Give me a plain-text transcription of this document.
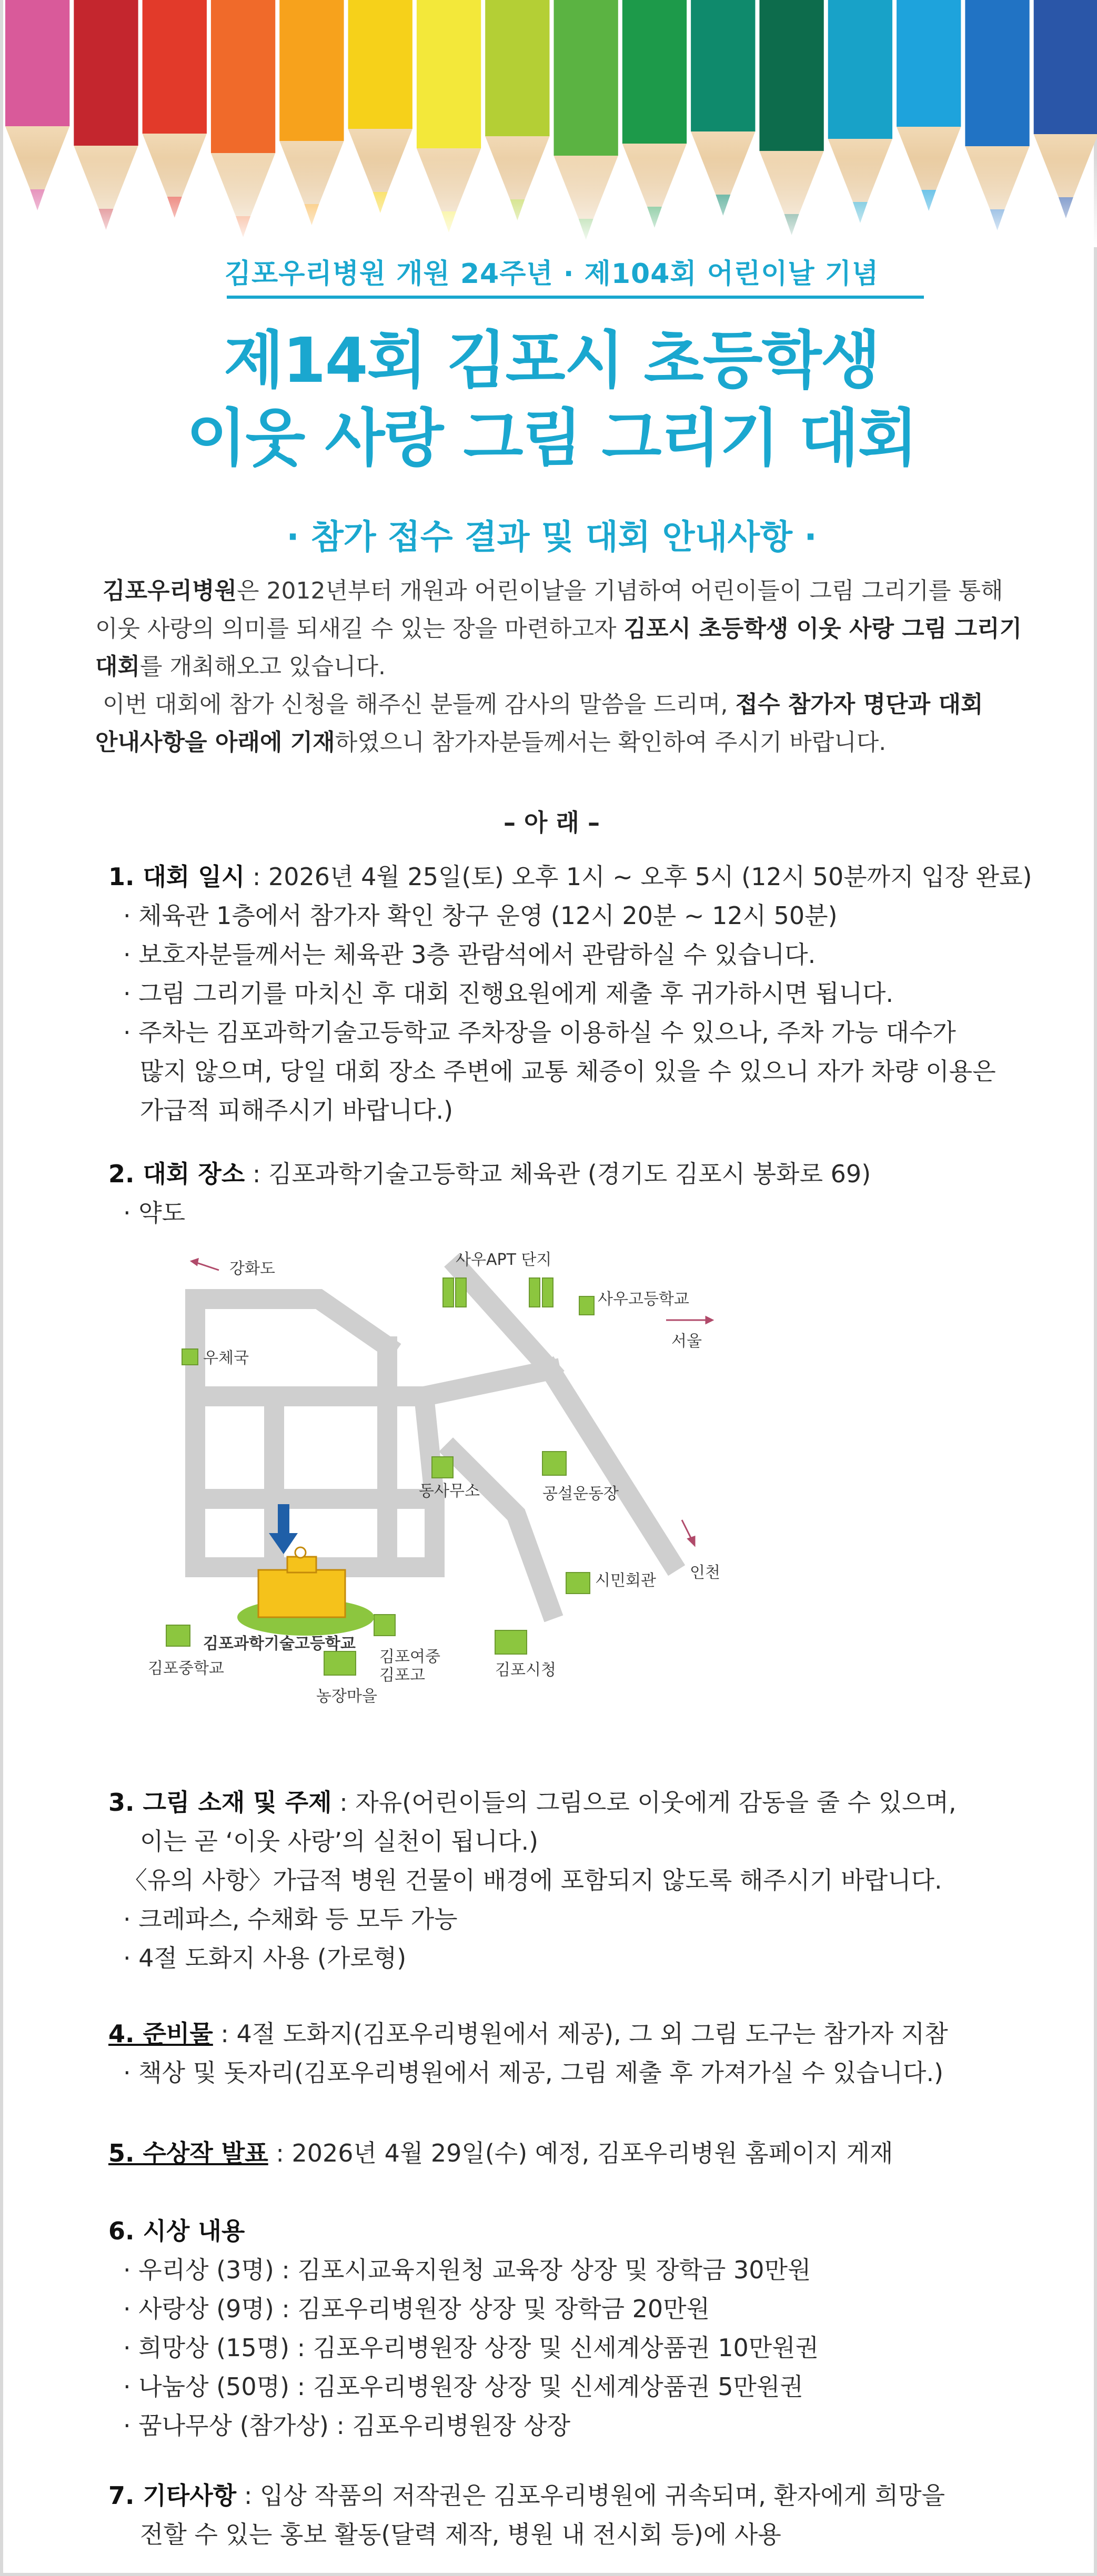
김포우리병원 개원 24주년 · 제104회 어린이날 기념
제14회 김포시 초등학생
이웃 사랑 그림 그리기 대회
· 참가 접수 결과 및 대회 안내사항 ·
김포우리병원은 2012년부터 개원과 어린이날을 기념하여 어린이들이 그림 그리기를 통해
이웃 사랑의 의미를 되새길 수 있는 장을 마련하고자 김포시 초등학생 이웃 사랑 그림 그리기
대회를 개최해오고 있습니다.
이번 대회에 참가 신청을 해주신 분들께 감사의 말씀을 드리며, 접수 참가자 명단과 대회
안내사항을 아래에 기재하였으니 참가자분들께서는 확인하여 주시기 바랍니다.
– 아 래 –
1. 대회 일시 : 2026년 4월 25일(토) 오후 1시 ~ 오후 5시 (12시 50분까지 입장 완료)
· 체육관 1층에서 참가자 확인 창구 운영 (12시 20분 ~ 12시 50분)
· 보호자분들께서는 체육관 3층 관람석에서 관람하실 수 있습니다.
· 그림 그리기를 마치신 후 대회 진행요원에게 제출 후 귀가하시면 됩니다.
· 주차는 김포과학기술고등학교 주차장을 이용하실 수 있으나, 주차 가능 대수가
많지 않으며, 당일 대회 장소 주변에 교통 체증이 있을 수 있으니 자가 차량 이용은
가급적 피해주시기 바랍니다.)
2. 대회 장소 : 김포과학기술고등학교 체육관 (경기도 김포시 봉화로 69)
· 약도
강화도	사우APT 단지
사우고등학교
서울
우체국
동사무소	공설운동장
인천
시민회관
김포과학기술고등학교
김포중학교
김포여중
김포고	김포시청
농장마을
3. 그림 소재 및 주제 : 자유(어린이들의 그림으로 이웃에게 감동을 줄 수 있으며,
이는 곧 ‘이웃 사랑’의 실천이 됩니다.)
〈유의 사항〉가급적 병원 건물이 배경에 포함되지 않도록 해주시기 바랍니다.
· 크레파스, 수채화 등 모두 가능
· 4절 도화지 사용 (가로형)
4. 준비물 : 4절 도화지(김포우리병원에서 제공), 그 외 그림 도구는 참가자 지참
· 책상 및 돗자리(김포우리병원에서 제공, 그림 제출 후 가져가실 수 있습니다.)
5. 수상작 발표 : 2026년 4월 29일(수) 예정, 김포우리병원 홈페이지 게재
6. 시상 내용
· 우리상 (3명) : 김포시교육지원청 교육장 상장 및 장학금 30만원
· 사랑상 (9명) : 김포우리병원장 상장 및 장학금 20만원
· 희망상 (15명) : 김포우리병원장 상장 및 신세계상품권 10만원권
· 나눔상 (50명) : 김포우리병원장 상장 및 신세계상품권 5만원권
· 꿈나무상 (참가상) : 김포우리병원장 상장
7. 기타사항 : 입상 작품의 저작권은 김포우리병원에 귀속되며, 환자에게 희망을
전할 수 있는 홍보 활동(달력 제작, 병원 내 전시회 등)에 사용
